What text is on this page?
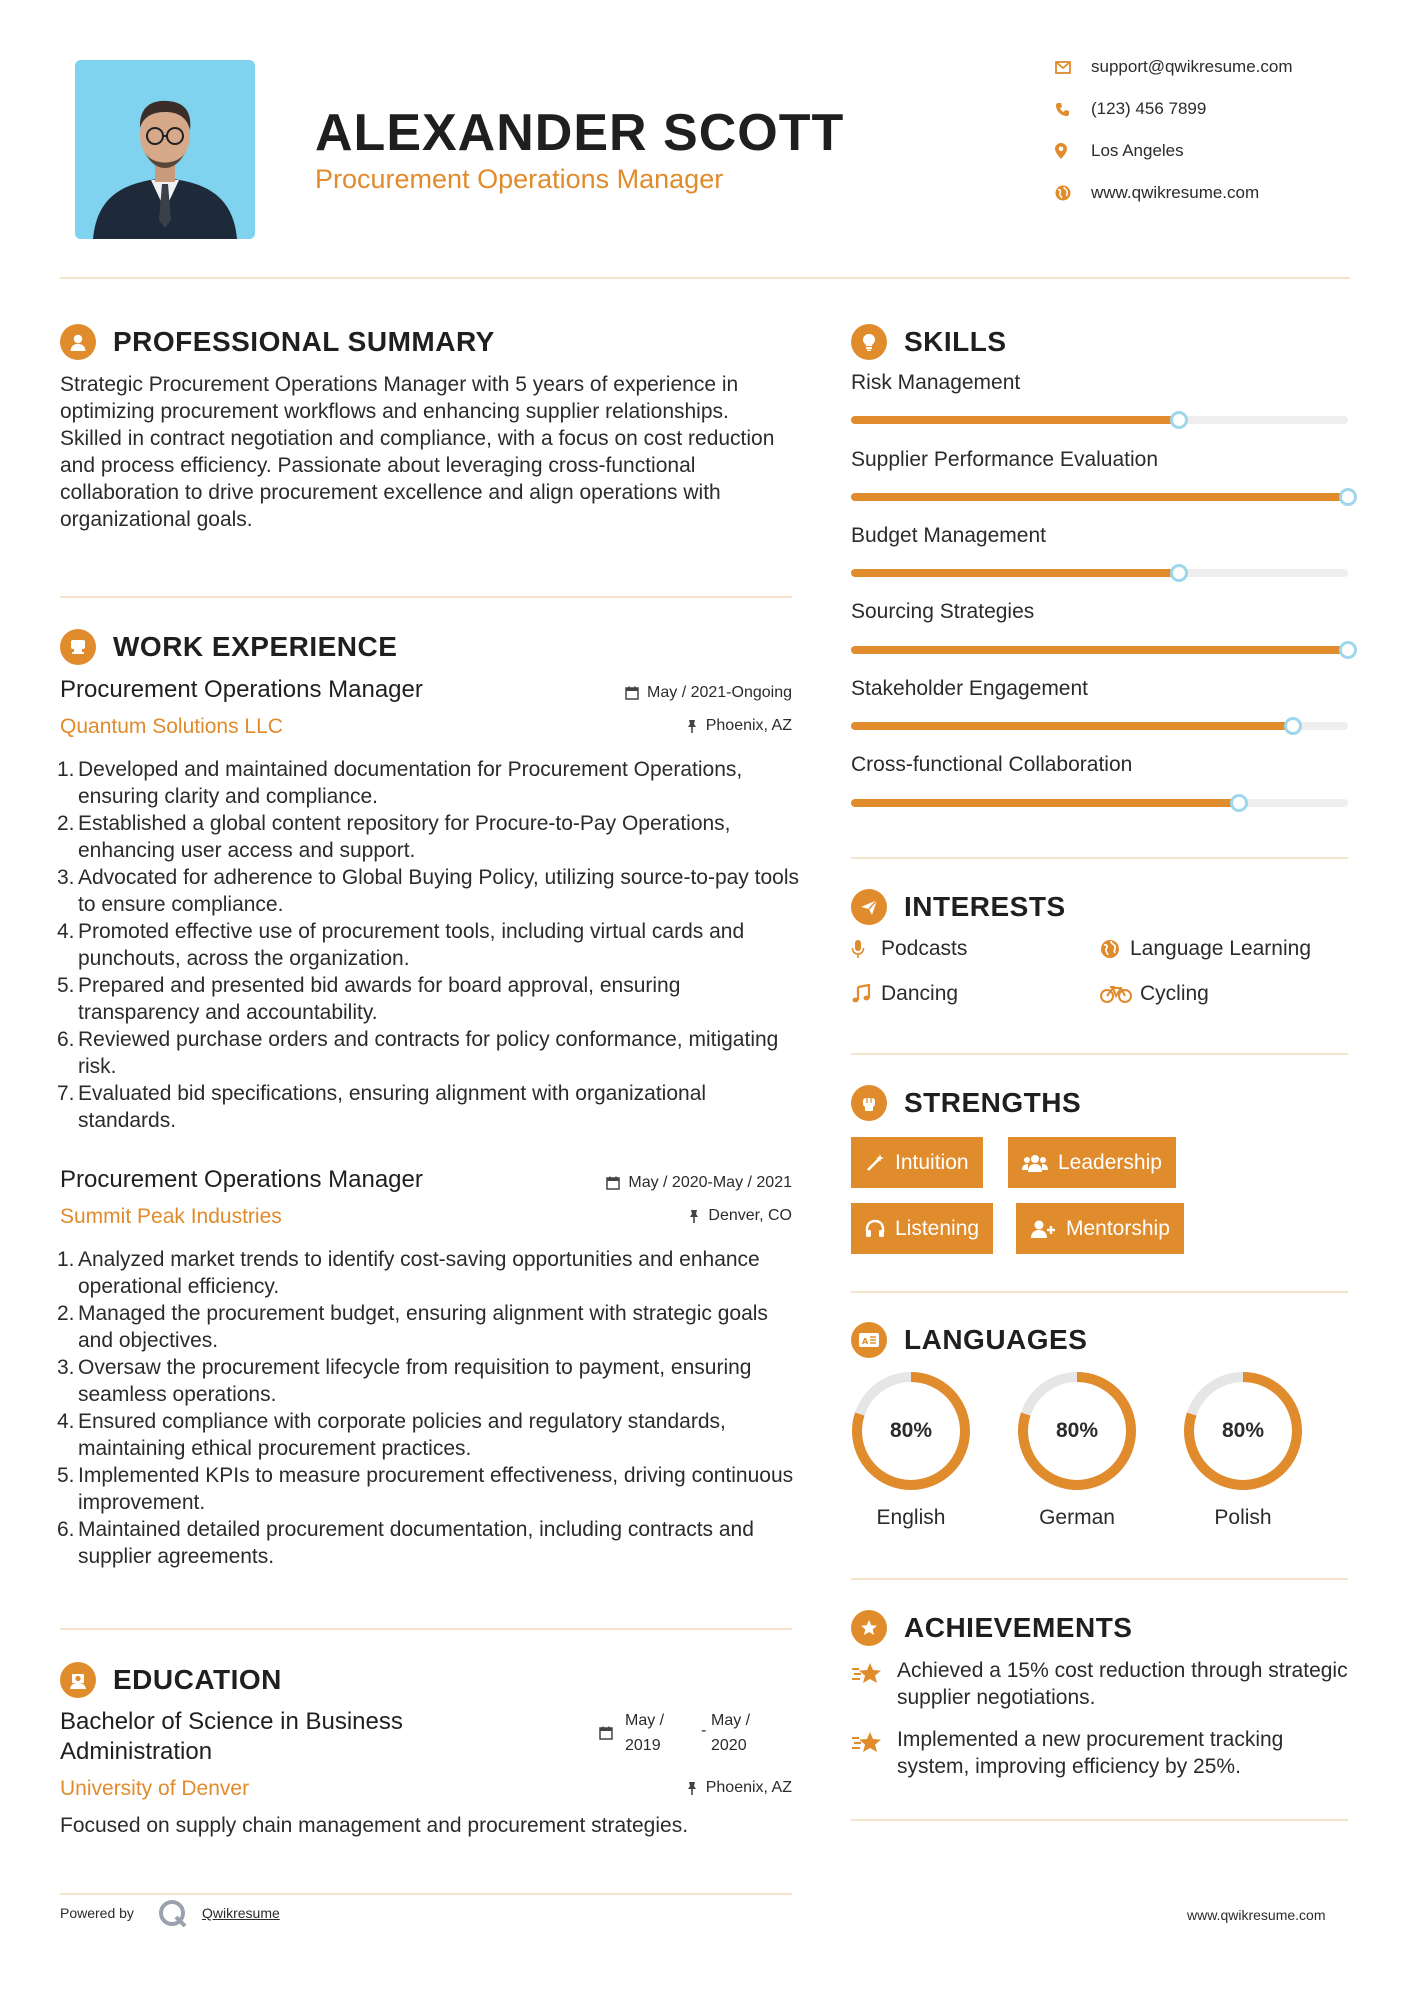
ALEXANDER SCOTT
Procurement Operations Manager
support@qwikresume.com
(123) 456 7899
Los Angeles
www.qwikresume.com
PROFESSIONAL SUMMARY
Strategic Procurement Operations Manager with 5 years of experience in optimizing procurement workflows and enhancing supplier relationships. Skilled in contract negotiation and compliance, with a focus on cost reduction and process efficiency. Passionate about leveraging cross-functional collaboration to drive procurement excellence and align operations with organizational goals.
WORK EXPERIENCE
Procurement Operations Manager	May / 2021-Ongoing
Quantum Solutions LLC	Phoenix, AZ
1. Developed and maintained documentation for Procurement Operations, ensuring clarity and compliance.
2. Established a global content repository for Procure-to-Pay Operations, enhancing user access and support.
3. Advocated for adherence to Global Buying Policy, utilizing source-to-pay tools to ensure compliance.
4. Promoted effective use of procurement tools, including virtual cards and punchouts, across the organization.
5. Prepared and presented bid awards for board approval, ensuring transparency and accountability.
6. Reviewed purchase orders and contracts for policy conformance, mitigating risk.
7. Evaluated bid specifications, ensuring alignment with organizational standards.
Procurement Operations Manager	May / 2020-May / 2021
Summit Peak Industries	Denver, CO
1. Analyzed market trends to identify cost-saving opportunities and enhance operational efficiency.
2. Managed the procurement budget, ensuring alignment with strategic goals and objectives.
3. Oversaw the procurement lifecycle from requisition to payment, ensuring seamless operations.
4. Ensured compliance with corporate policies and regulatory standards, maintaining ethical procurement practices.
5. Implemented KPIs to measure procurement effectiveness, driving continuous improvement.
6. Maintained detailed procurement documentation, including contracts and supplier agreements.
EDUCATION
Bachelor of Science in Business
Administration
May /
2019
-
May /
2020
University of Denver	Phoenix, AZ
Focused on supply chain management and procurement strategies.
SKILLS
Risk Management
Supplier Performance Evaluation
Budget Management
Sourcing Strategies
Stakeholder Engagement
Cross-functional Collaboration
INTERESTS
Podcasts	Language Learning
Dancing	Cycling
STRENGTHS
Intuition	Leadership
Listening	Mentorship
A LANGUAGES
80%
English
80%
German
80%
Polish
ACHIEVEMENTS
Achieved a 15% cost reduction through strategic supplier negotiations.
Implemented a new procurement tracking system, improving efficiency by 25%.
Powered by	Qwikresume	www.qwikresume.com
